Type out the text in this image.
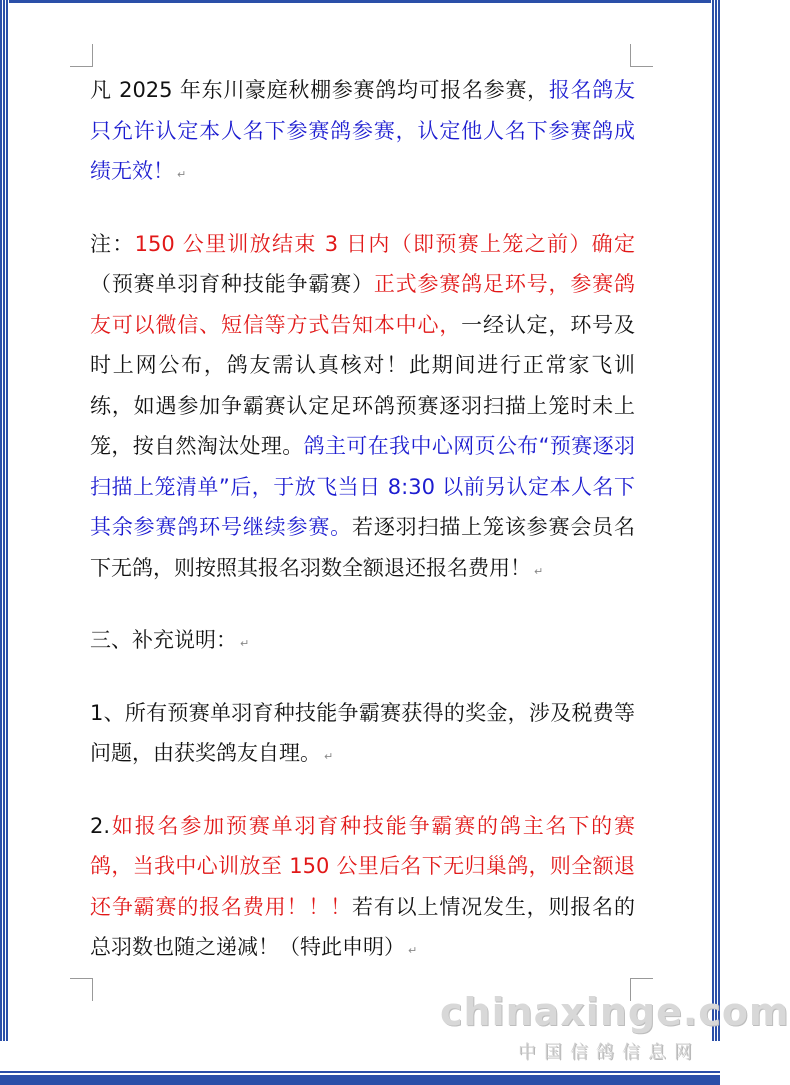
凡 2025 年东川豪庭秋棚参赛鸽均可报名参赛，报名鸽友只允许认定本人名下参赛鸽参赛，认定他人名下参赛鸽成绩无效！ ↵

注：150 公里训放结束 3 日内（即预赛上笼之前）确定（预赛单羽育种技能争霸赛）正式参赛鸽足环号，参赛鸽友可以微信、短信等方式告知本中心，一经认定，环号及时上网公布，鸽友需认真核对！此期间进行正常家飞训练，如遇参加争霸赛认定足环鸽预赛逐羽扫描上笼时未上笼，按自然淘汰处理。鸽主可在我中心网页公布“预赛逐羽扫描上笼清单”后，于放飞当日 8:30 以前另认定本人名下其余参赛鸽环号继续参赛。若逐羽扫描上笼该参赛会员名下无鸽，则按照其报名羽数全额退还报名费用！ ↵

三、补充说明： ↵

1、所有预赛单羽育种技能争霸赛获得的奖金，涉及税费等问题，由获奖鸽友自理。 ↵

2.如报名参加预赛单羽育种技能争霸赛的鸽主名下的赛鸽，当我中心训放至 150 公里后名下无归巢鸽，则全额退还争霸赛的报名费用！！！若有以上情况发生，则报名的总羽数也随之递减！（特此申明） ↵

chinaxinge.com
中国信鸽信息网
